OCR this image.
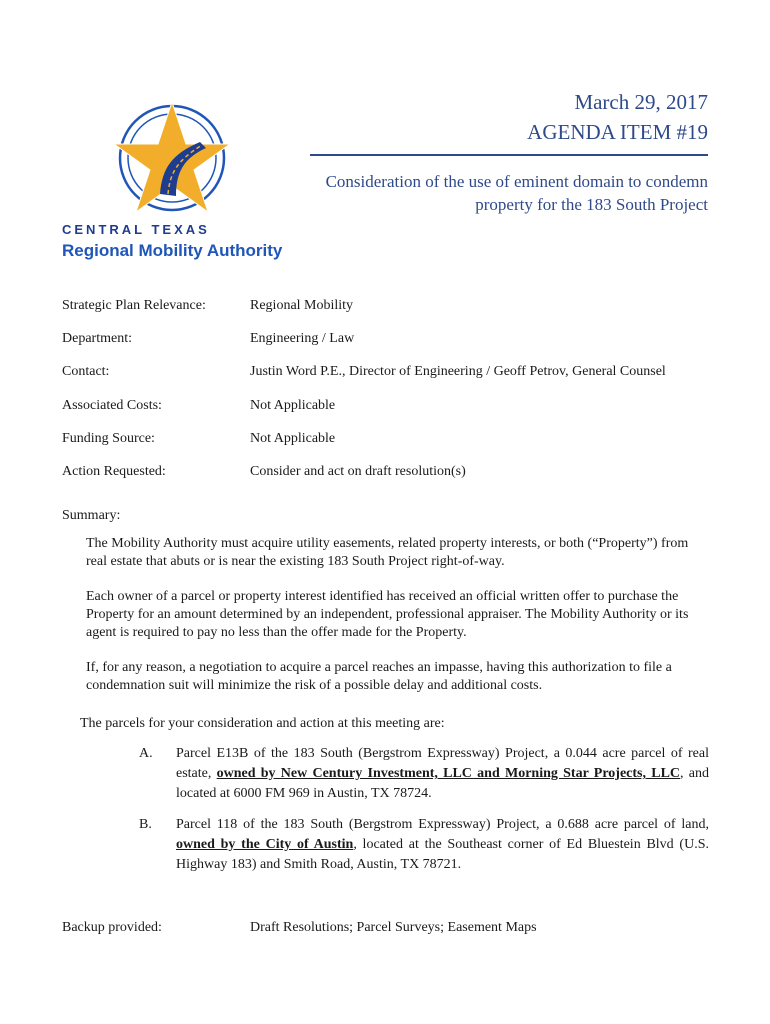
CENTRAL TEXAS
Regional Mobility Authority
March 29, 2017
AGENDA ITEM #19
Consideration of the use of eminent domain to condemn property for the 183 South Project
Strategic Plan Relevance:	Regional Mobility
Department:	Engineering / Law
Contact:	Justin Word P.E., Director of Engineering / Geoff Petrov, General Counsel
Associated Costs:	Not Applicable
Funding Source:	Not Applicable
Action Requested:	Consider and act on draft resolution(s)
Summary:
The Mobility Authority must acquire utility easements, related property interests, or both (“Property”) from real estate that abuts or is near the existing 183 South Project right-of-way.
Each owner of a parcel or property interest identified has received an official written offer to purchase the Property for an amount determined by an independent, professional appraiser. The Mobility Authority or its agent is required to pay no less than the offer made for the Property.
If, for any reason, a negotiation to acquire a parcel reaches an impasse, having this authorization to file a condemnation suit will minimize the risk of a possible delay and additional costs.
The parcels for your consideration and action at this meeting are:
A. Parcel E13B of the 183 South (Bergstrom Expressway) Project, a 0.044 acre parcel of real estate, owned by New Century Investment, LLC and Morning Star Projects, LLC, and located at 6000 FM 969 in Austin, TX 78724.
B. Parcel 118 of the 183 South (Bergstrom Expressway) Project, a 0.688 acre parcel of land, owned by the City of Austin, located at the Southeast corner of Ed Bluestein Blvd (U.S. Highway 183) and Smith Road, Austin, TX 78721.
Backup provided:	Draft Resolutions; Parcel Surveys; Easement Maps
